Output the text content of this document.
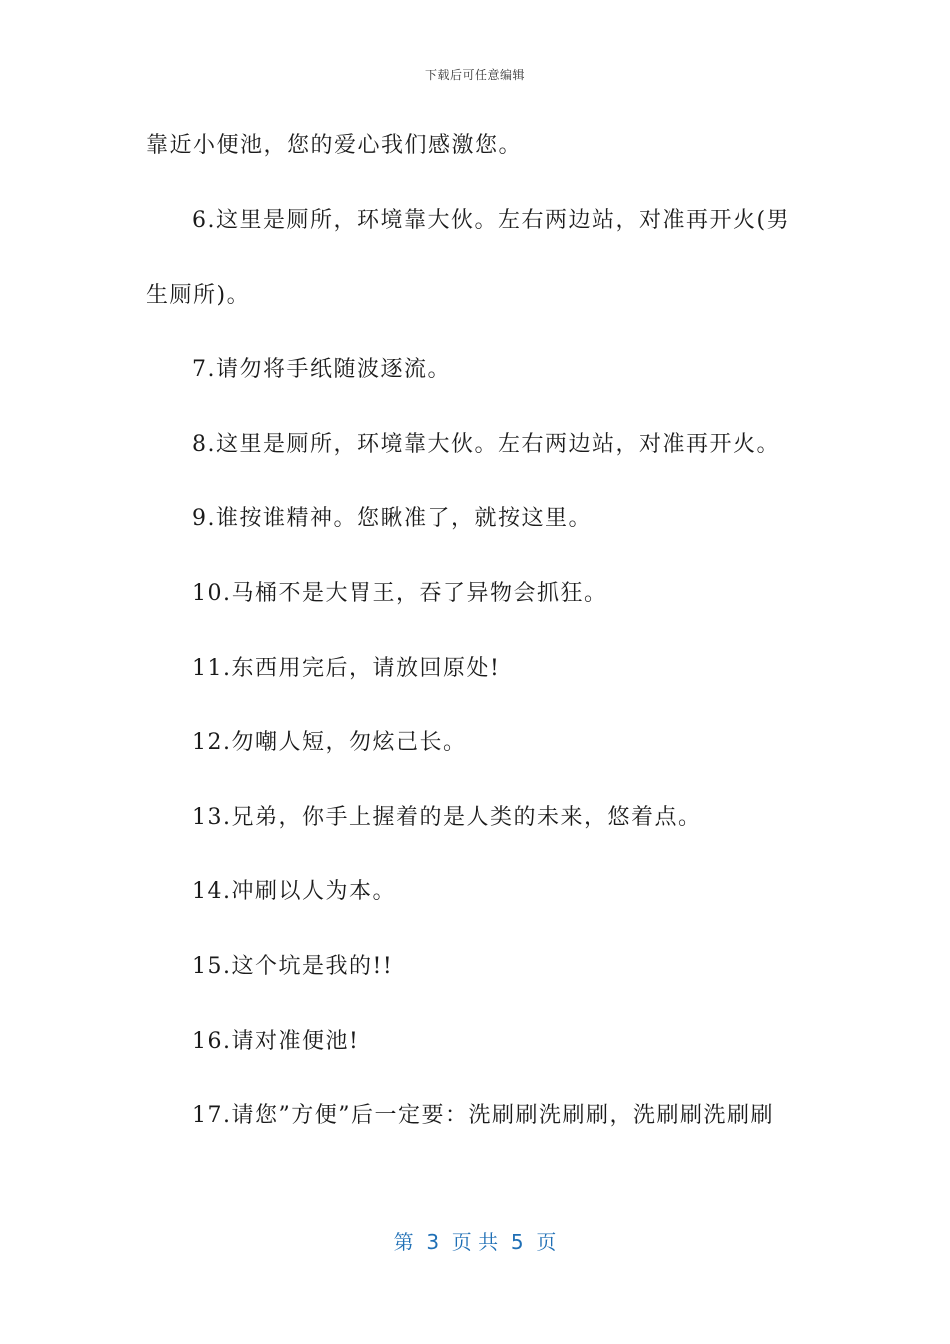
下载后可任意编辑
靠近小便池，您的爱心我们感激您。
6.这里是厕所，环境靠大伙。左右两边站，对准再开火(男
生厕所)。
7.请勿将手纸随波逐流。
8.这里是厕所，环境靠大伙。左右两边站，对准再开火。
9.谁按谁精神。您瞅准了，就按这里。
10.马桶不是大胃王，吞了异物会抓狂。
11.东西用完后，请放回原处!
12.勿嘲人短，勿炫己长。
13.兄弟，你手上握着的是人类的未来，悠着点。
14.冲刷以人为本。
15.这个坑是我的!!
16.请对准便池!
17.请您”方便”后一定要：洗刷刷洗刷刷，洗刷刷洗刷刷
第  3  页 共  5  页
